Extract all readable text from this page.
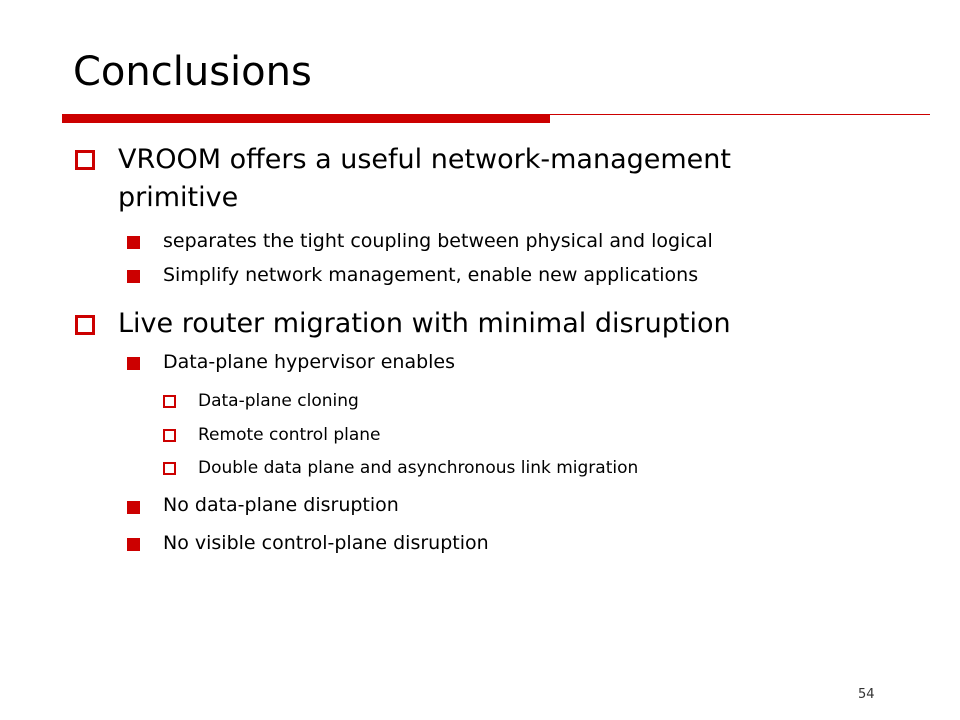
Conclusions
VROOM offers a useful network-management
primitive
separates the tight coupling between physical and logical
Simplify network management, enable new applications
Live router migration with minimal disruption
Data-plane hypervisor enables
Data-plane cloning
Remote control plane
Double data plane and asynchronous link migration
No data-plane disruption
No visible control-plane disruption
54
